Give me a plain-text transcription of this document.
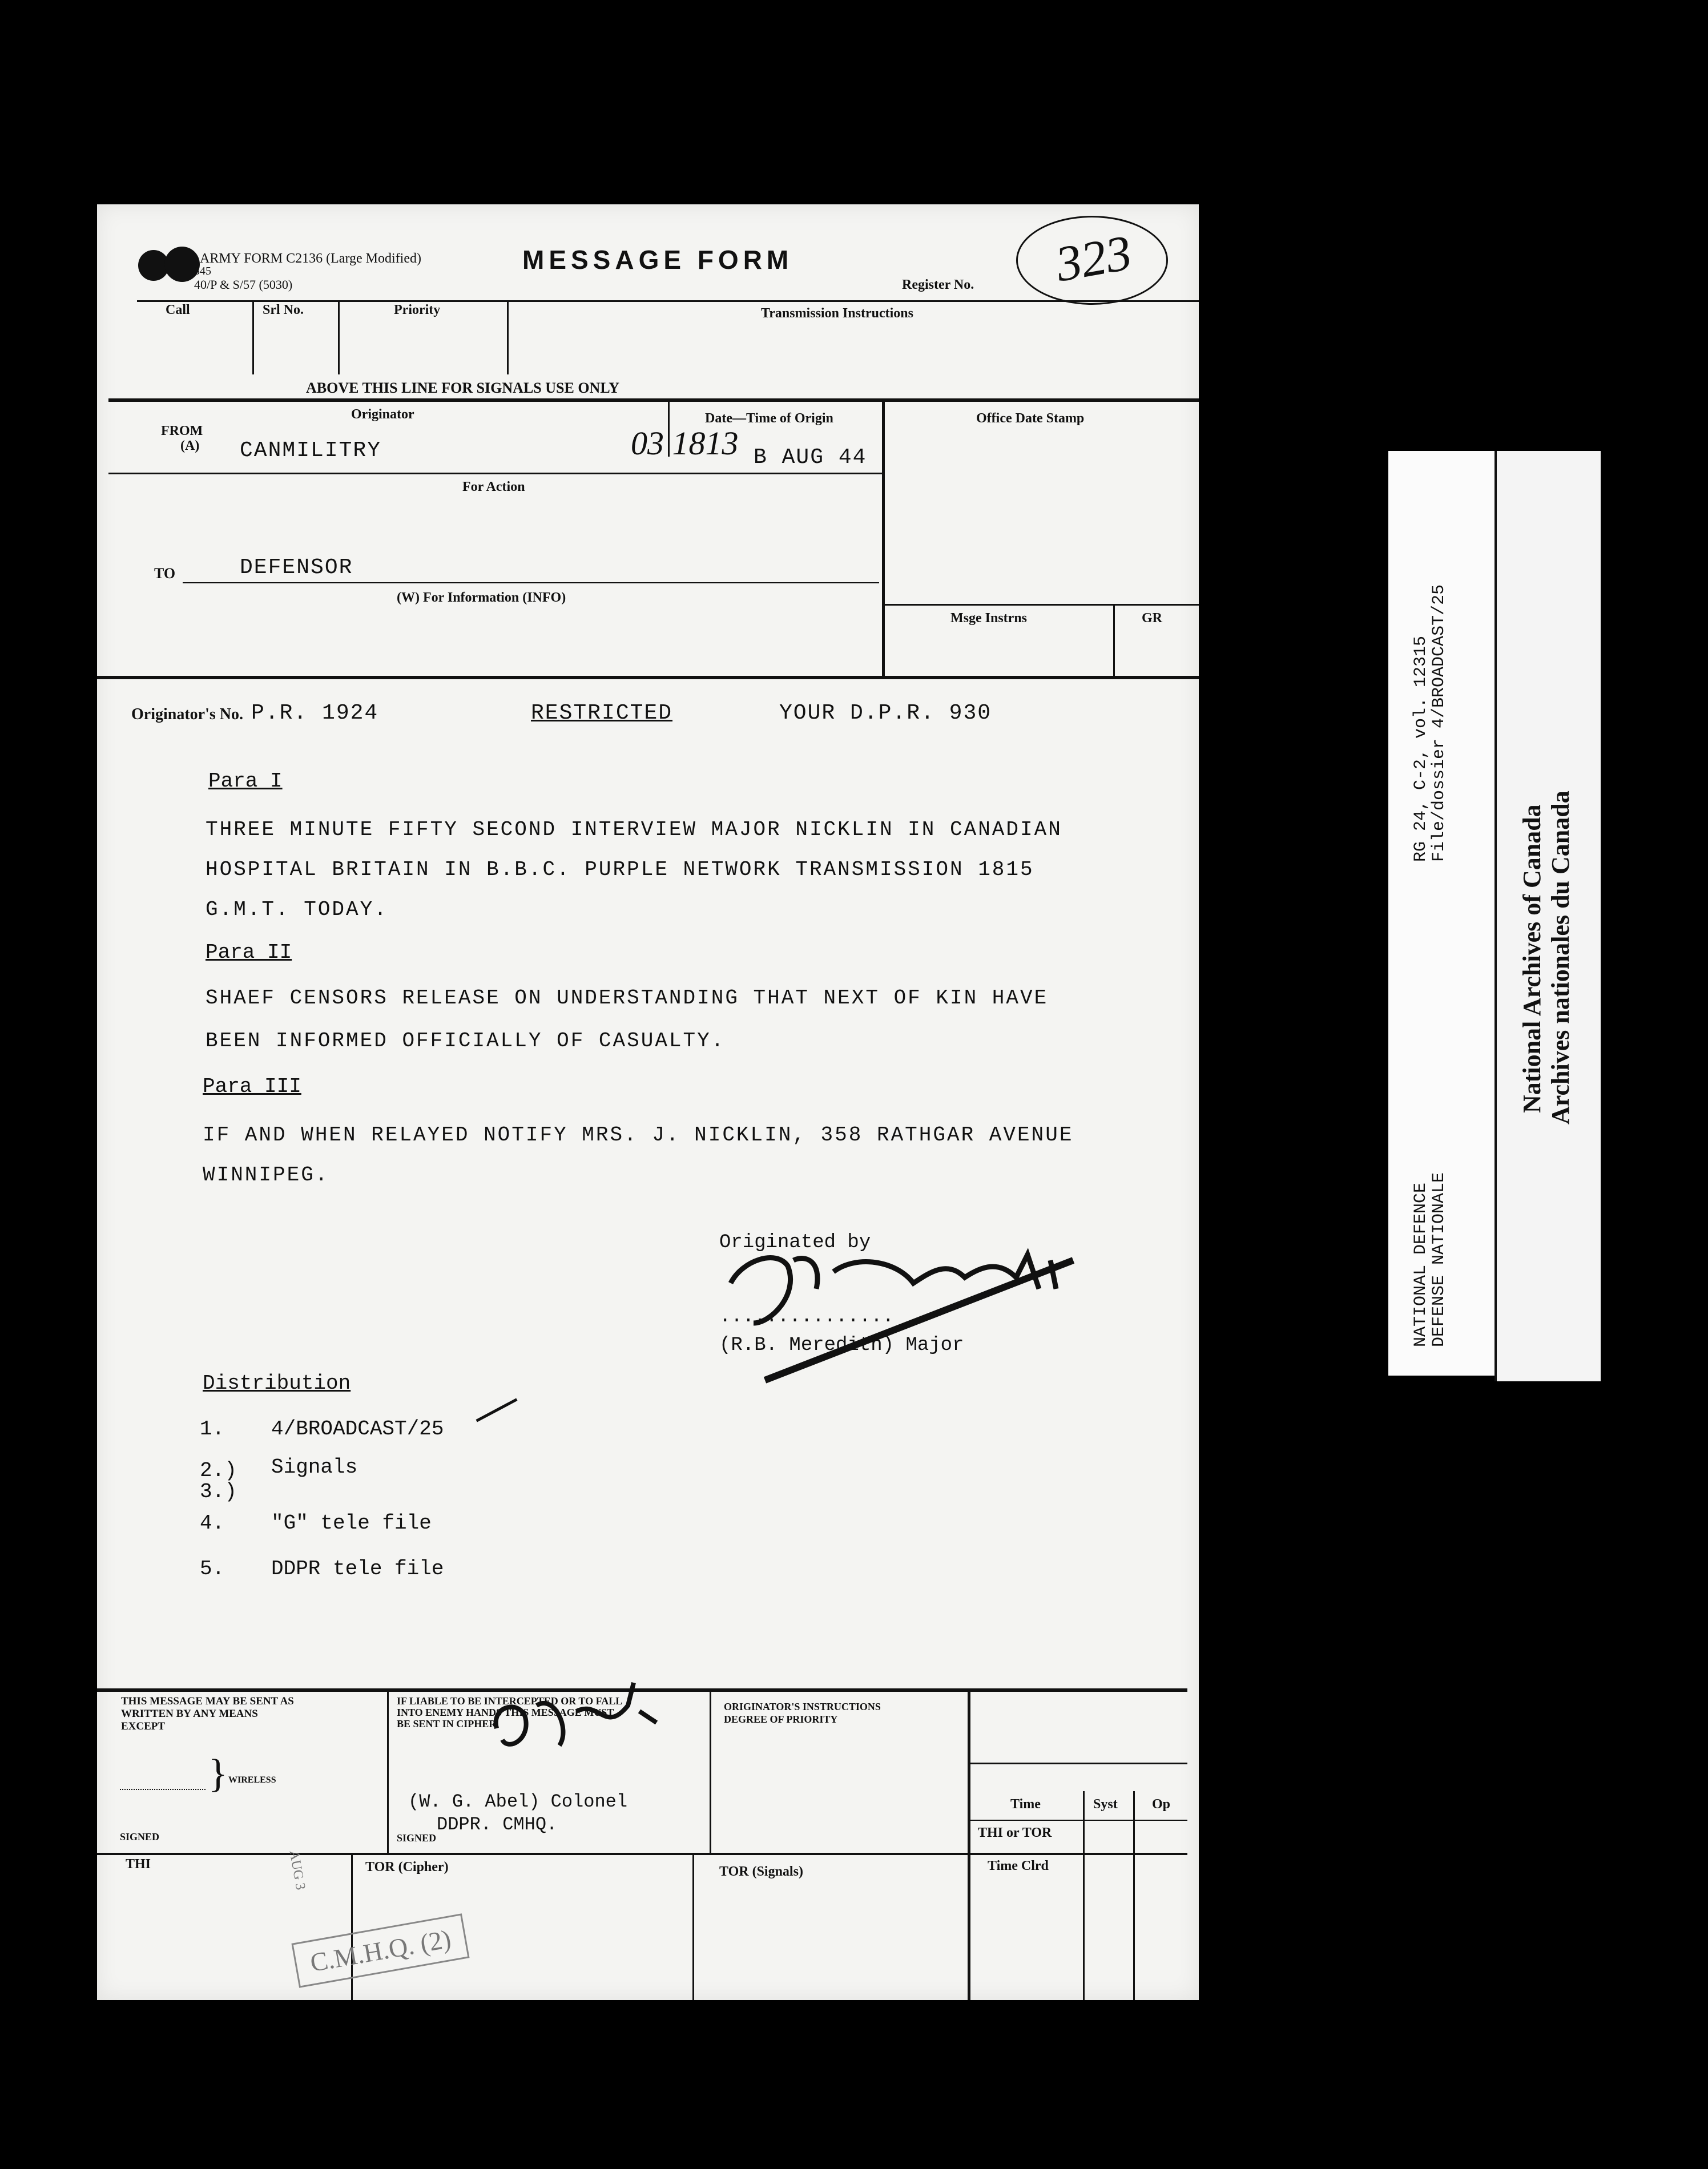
ARMY FORM C2136 (Large Modified)
345
40/P & S/57 (5030)
MESSAGE FORM
Register No. 323
Call	Srl No.	Priority	Transmission Instructions
ABOVE THIS LINE FOR SIGNALS USE ONLY
Originator	Date—Time of Origin	Office Date Stamp
FROM
(A) CANMILITRY	03 1813 B AUG 44
For Action
TO	DEFENSOR
(W) For Information (INFO)
Msge Instrns	GR
Originator's No. P.R. 1924	RESTRICTED	YOUR D.P.R. 930
Para I
THREE MINUTE FIFTY SECOND INTERVIEW MAJOR NICKLIN IN CANADIAN
HOSPITAL BRITAIN IN B.B.C. PURPLE NETWORK TRANSMISSION 1815
G.M.T. TODAY.
Para II
SHAEF CENSORS RELEASE ON UNDERSTANDING THAT NEXT OF KIN HAVE
BEEN INFORMED OFFICIALLY OF CASUALTY.
Para III
IF AND WHEN RELAYED NOTIFY MRS. J. NICKLIN, 358 RATHGAR AVENUE
WINNIPEG.
Originated by
...............
(R.B. Meredith) Major
Distribution
1. 4/BROADCAST/25
2.) Signals
3.)
4. "G" tele file
5. DDPR tele file
THIS MESSAGE MAY BE SENT AS
WRITTEN BY ANY MEANS
EXCEPT
} WIRELESS
SIGNED
IF LIABLE TO BE INTERCEPTED OR TO FALL
INTO ENEMY HANDS THIS MESSAGE MUST
BE SENT IN CIPHER
(W. G. Abel) Colonel
DDPR. CMHQ.
SIGNED
ORIGINATOR'S INSTRUCTIONS
DEGREE OF PRIORITY
Time	Syst	Op
THI or TOR
Time Clrd
THI	TOR (Cipher)	TOR (Signals)
AUG 3
C.M.H.Q. (2)
RG 24, C-2, vol. 12315
File/dossier 4/BROADCAST/25
NATIONAL DEFENCE
DEFENSE NATIONALE
National Archives of Canada Archives nationales du Canada
